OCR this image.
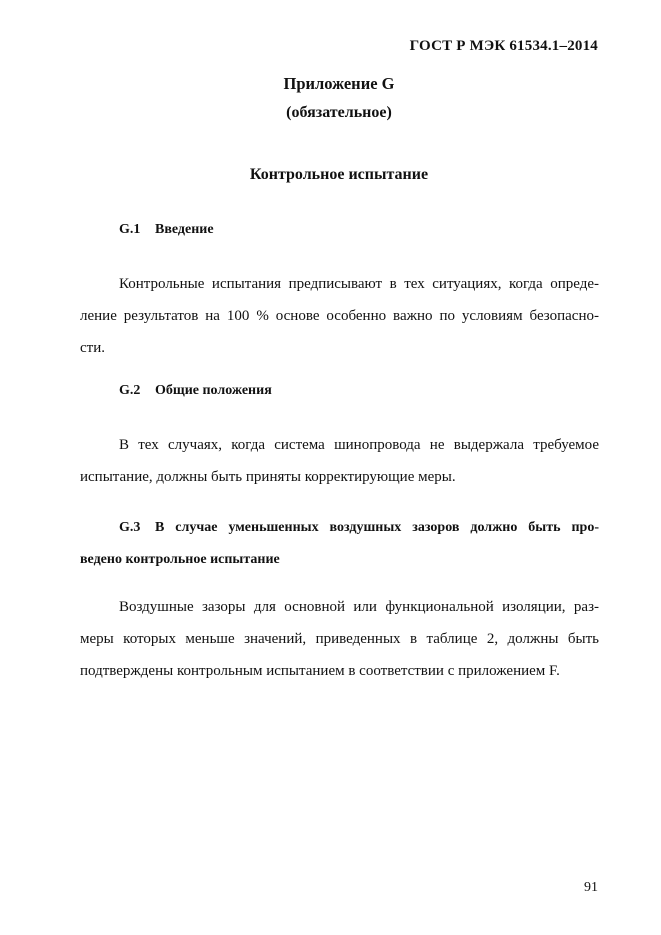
ГОСТ Р МЭК 61534.1–2014
Приложение G
(обязательное)
Контрольное испытание
G.1 Введение
Контрольные испытания предписывают в тех ситуациях, когда опреде-
ление результатов на 100 % основе особенно важно по условиям безопасно-
сти.
G.2 Общие положения
В тех случаях, когда система шинопровода не выдержала требуемое
испытание, должны быть приняты корректирующие меры.
G.3 В случае уменьшенных воздушных зазоров должно быть про-
ведено контрольное испытание
Воздушные зазоры для основной или функциональной изоляции, раз-
меры которых меньше значений, приведенных в таблице 2, должны быть
подтверждены контрольным испытанием в соответствии с приложением F.
91
